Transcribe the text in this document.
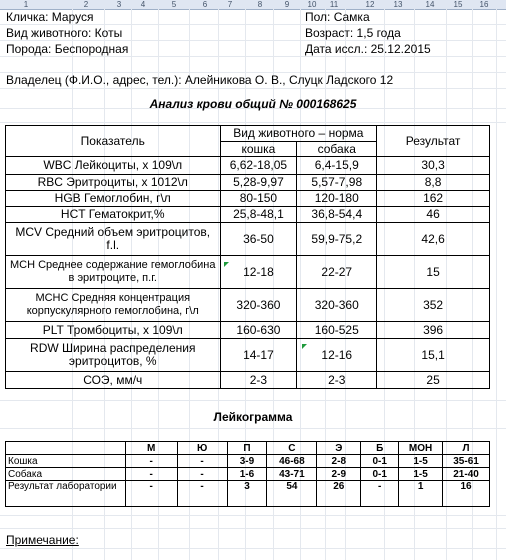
1	2	3	4	5	6	7	8	9	10 11	12 13	14 15 16
Кличка: Маруся
Вид животного: Коты
Порода: Беспородная
Пол: Самка
Возраст: 1,5 года
Дата иссл.: 25.12.2015
Владелец (Ф.И.О., адрес, тел.): Алейникова О. В., Слуцк Ладского 12
Анализ крови общий № 000168625
Показатель	Вид животного – норма		Результат
	кошка	собака	
WBC Лейкоциты, х 109\л	6,62-18,05	6,4-15,9	30,3
RBC Эритроциты, х 1012\л	5,28-9,97	5,57-7,98	8,8
HGB Гемоглобин, г\л	80-150	120-180	162
HCT Гематокрит,%	25,8-48,1	36,8-54,4	46
MCV Средний объем эритроцитов, f.l.	36-50	59,9-75,2	42,6
MCH Среднее содержание гемоглобина в эритроците, п.г.	12-18	22-27	15
MCHC Средняя концентрация корпускулярного гемоглобина, г\л	320-360	320-360	352
PLT Тромбоциты, х 109\л	160-630	160-525	396
RDW Ширина распределения эритроцитов, %	14-17	12-16	15,1
СОЭ, мм/ч	2-3	2-3	25
Лейкограмма
	М	Ю	П	С	Э	Б	МОН	Л
Кошка	-	-	3-9	46-68	2-8	0-1	1-5	35-61
Собака	-	-	1-6	43-71	2-9	0-1	1-5	21-40
Результат лаборатории	-	-	3	54	26	-	1	16
Примечание:
